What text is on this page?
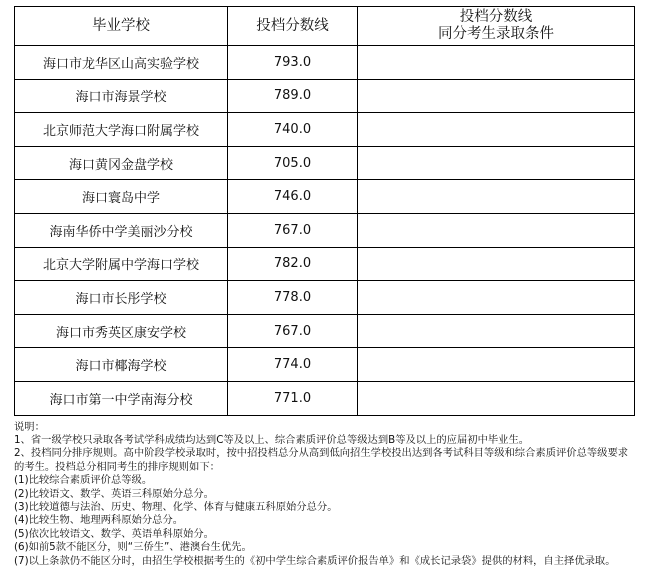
毕业学校	投档分数线	投档分数线
同分考生录取条件

海口市龙华区山高实验学校	793.0	
海口市海景学校	789.0	
北京师范大学海口附属学校	740.0	
海口黄冈金盘学校	705.0	
海口寰岛中学	746.0	
海南华侨中学美丽沙分校	767.0	
北京大学附属中学海口学校	782.0	
海口市长彤学校	778.0	
海口市秀英区康安学校	767.0	
海口市椰海学校	774.0	
海口市第一中学南海分校	771.0	
说明：
1、省一级学校只录取各考试学科成绩均达到C等及以上、综合素质评价总等级达到B等及以上的应届初中毕业生。
2、投档同分排序规则。高中阶段学校录取时，按中招投档总分从高到低向招生学校投出达到各考试科目等级和综合素质评价总等级要求的考生。投档总分相同考生的排序规则如下：
(1)比较综合素质评价总等级。
(2)比较语文、数学、英语三科原始分总分。
(3)比较道德与法治、历史、物理、化学、体育与健康五科原始分总分。
(4)比较生物、地理两科原始分总分。
(5)依次比较语文、数学、英语单科原始分。
(6)如前5款不能区分，则“三侨生”、港澳台生优先。
(7)以上条款仍不能区分时，由招生学校根据考生的《初中学生综合素质评价报告单》和《成长记录袋》提供的材料，自主择优录取。
